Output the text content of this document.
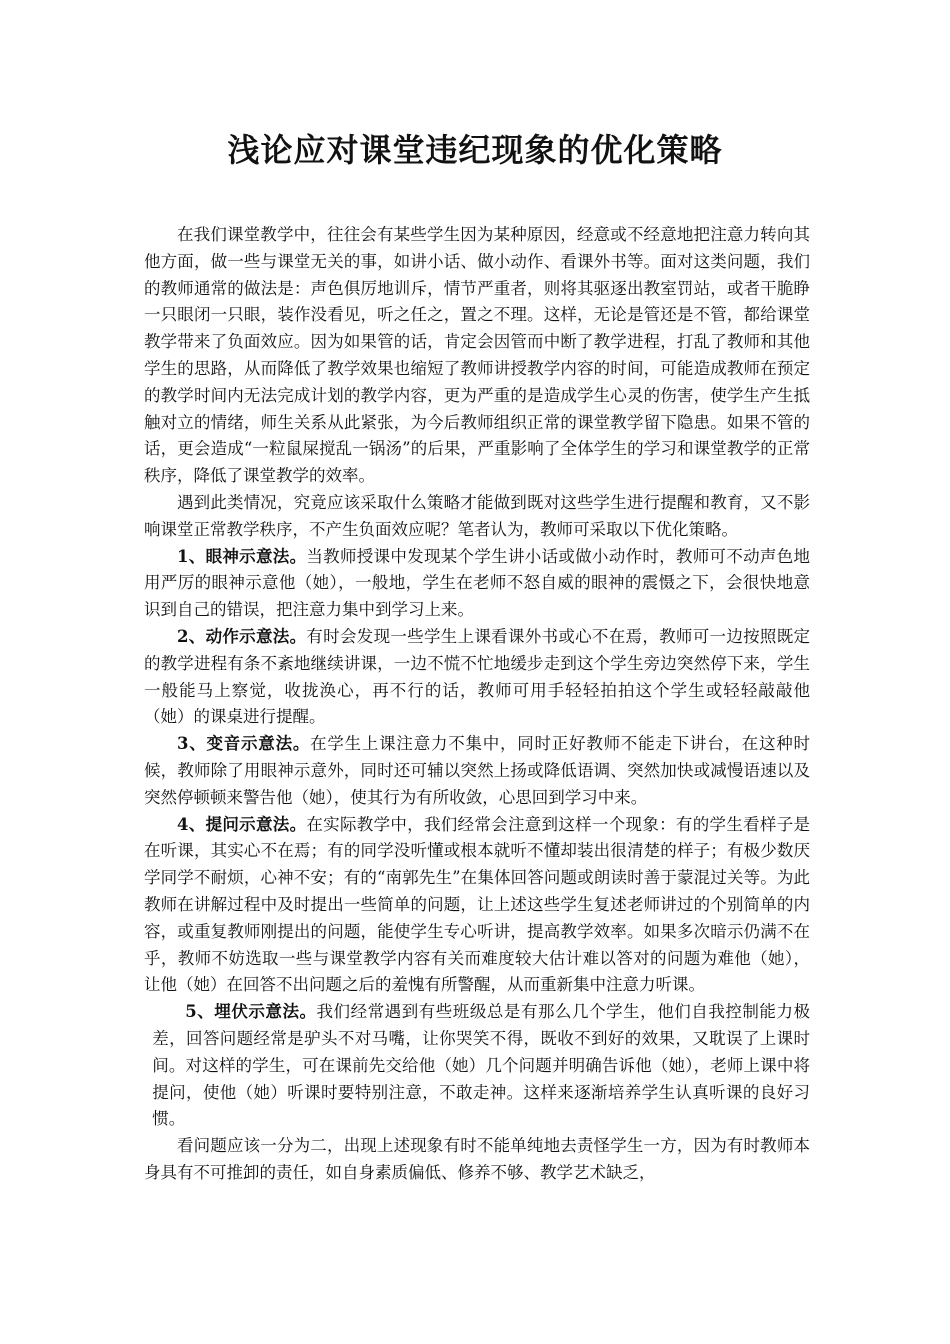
浅论应对课堂违纪现象的优化策略

在我们课堂教学中，往往会有某些学生因为某种原因，经意或不经意地把注意力转向其他方面，做一些与课堂无关的事，如讲小话、做小动作、看课外书等。面对这类问题，我们的教师通常的做法是：声色俱厉地训斥，情节严重者，则将其驱逐出教室罚站，或者干脆睁一只眼闭一只眼，装作没看见，听之任之，置之不理。这样，无论是管还是不管，都给课堂教学带来了负面效应。因为如果管的话，肯定会因管而中断了教学进程，打乱了教师和其他学生的思路，从而降低了教学效果也缩短了教师讲授教学内容的时间，可能造成教师在预定的教学时间内无法完成计划的教学内容，更为严重的是造成学生心灵的伤害，使学生产生抵触对立的情绪，师生关系从此紧张，为今后教师组织正常的课堂教学留下隐患。如果不管的话，更会造成“一粒鼠屎搅乱一锅汤”的后果，严重影响了全体学生的学习和课堂教学的正常秩序，降低了课堂教学的效率。

遇到此类情况，究竟应该采取什么策略才能做到既对这些学生进行提醒和教育，又不影响课堂正常教学秩序，不产生负面效应呢？笔者认为，教师可采取以下优化策略。

1、眼神示意法。当教师授课中发现某个学生讲小话或做小动作时，教师可不动声色地用严厉的眼神示意他（她），一般地，学生在老师不怒自威的眼神的震慑之下，会很快地意识到自己的错误，把注意力集中到学习上来。

2、动作示意法。有时会发现一些学生上课看课外书或心不在焉，教师可一边按照既定的教学进程有条不紊地继续讲课，一边不慌不忙地缓步走到这个学生旁边突然停下来，学生一般能马上察觉，收拢涣心，再不行的话，教师可用手轻轻拍拍这个学生或轻轻敲敲他（她）的课桌进行提醒。

3、变音示意法。在学生上课注意力不集中，同时正好教师不能走下讲台，在这种时候，教师除了用眼神示意外，同时还可辅以突然上扬或降低语调、突然加快或减慢语速以及突然停顿顿来警告他（她），使其行为有所收敛，心思回到学习中来。

4、提问示意法。在实际教学中，我们经常会注意到这样一个现象：有的学生看样子是在听课，其实心不在焉；有的同学没听懂或根本就听不懂却装出很清楚的样子；有极少数厌学同学不耐烦，心神不安；有的“南郭先生”在集体回答问题或朗读时善于蒙混过关等。为此教师在讲解过程中及时提出一些简单的问题，让上述这些学生复述老师讲过的个别简单的内容，或重复教师刚提出的问题，能使学生专心听讲，提高教学效率。如果多次暗示仍满不在乎，教师不妨选取一些与课堂教学内容有关而难度较大估计难以答对的问题为难他（她），让他（她）在回答不出问题之后的羞愧有所警醒，从而重新集中注意力听课。

5、埋伏示意法。我们经常遇到有些班级总是有那么几个学生，他们自我控制能力极差，回答问题经常是驴头不对马嘴，让你哭笑不得，既收不到好的效果，又耽误了上课时间。对这样的学生，可在课前先交给他（她）几个问题并明确告诉他（她），老师上课中将提问，使他（她）听课时要特别注意，不敢走神。这样来逐渐培养学生认真听课的良好习惯。

看问题应该一分为二，出现上述现象有时不能单纯地去责怪学生一方，因为有时教师本身具有不可推卸的责任，如自身素质偏低、修养不够、教学艺术缺乏，
